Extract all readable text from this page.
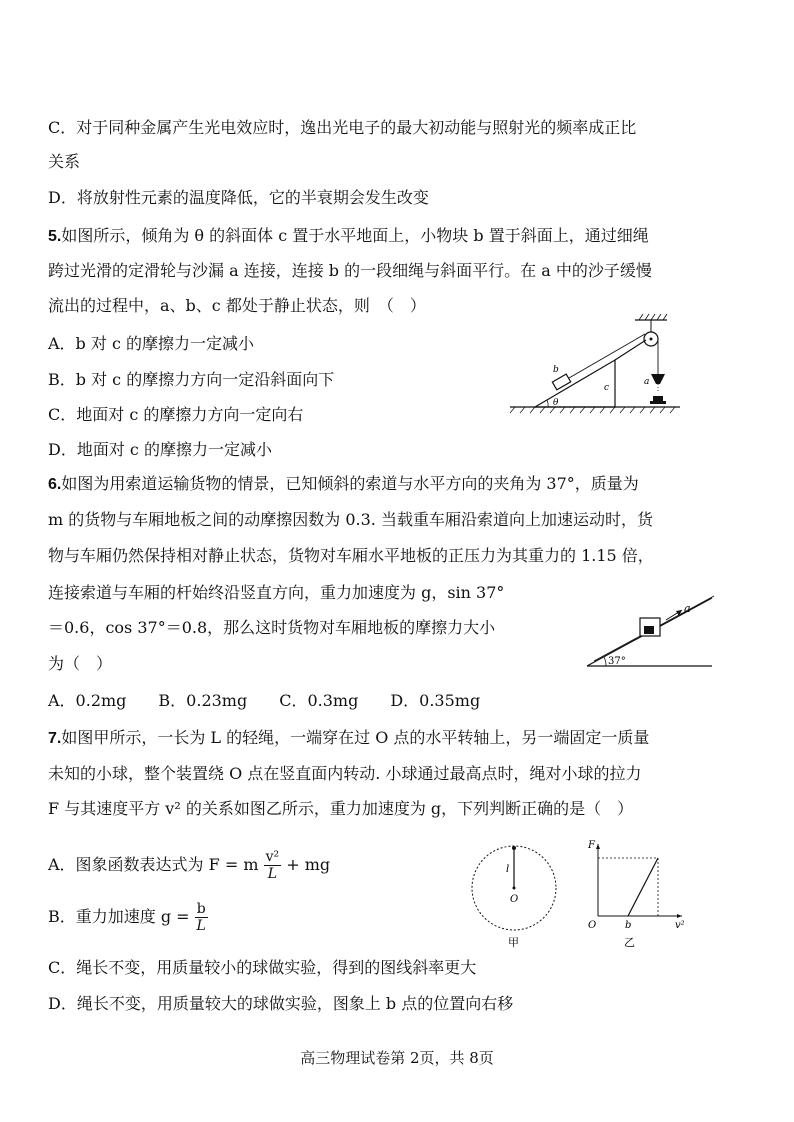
C．对于同种金属产生光电效应时，逸出光电子的最大初动能与照射光的频率成正比
关系
D．将放射性元素的温度降低，它的半衰期会发生改变
5.如图所示，倾角为 θ 的斜面体 c 置于水平地面上，小物块 b 置于斜面上，通过细绳
跨过光滑的定滑轮与沙漏 a 连接，连接 b 的一段细绳与斜面平行。在 a 中的沙子缓慢
流出的过程中，a、b、c 都处于静止状态，则　（　）
A．b 对 c 的摩擦力一定减小
B．b 对 c 的摩擦力方向一定沿斜面向下
C．地面对 c 的摩擦力方向一定向右
D．地面对 c 的摩擦力一定减小
b
c
a
θ
6.如图为用索道运输货物的情景，已知倾斜的索道与水平方向的夹角为 37°，质量为
m 的货物与车厢地板之间的动摩擦因数为 0.3. 当载重车厢沿索道向上加速运动时，货
物与车厢仍然保持相对静止状态，货物对车厢水平地板的正压力为其重力的 1.15 倍，
连接索道与车厢的杆始终沿竖直方向，重力加速度为 g，sin 37°
＝0.6，cos 37°＝0.8，那么这时货物对车厢地板的摩擦力大小
为（　）
A．0.2mg　　B．0.23mg　　C．0.3mg　　D．0.35mg
a
37°
7.如图甲所示，一长为 L 的轻绳，一端穿在过 O 点的水平转轴上，另一端固定一质量
未知的小球，整个装置绕 O 点在竖直面内转动. 小球通过最高点时，绳对小球的拉力
F 与其速度平方 v² 的关系如图乙所示，重力加速度为 g，下列判断正确的是（　）
A．图象函数表达式为 F = m $\frac{\text{v²}}{L}$ + mg
B．重力加速度 $g = \frac{b}{L}$
C．绳长不变，用质量较小的球做实验，得到的图线斜率更大
D．绳长不变，用质量较大的球做实验，图象上 b 点的位置向右移
l
O
甲
F
O	b	v²
乙
高三物理试卷第 2页，共 8页
